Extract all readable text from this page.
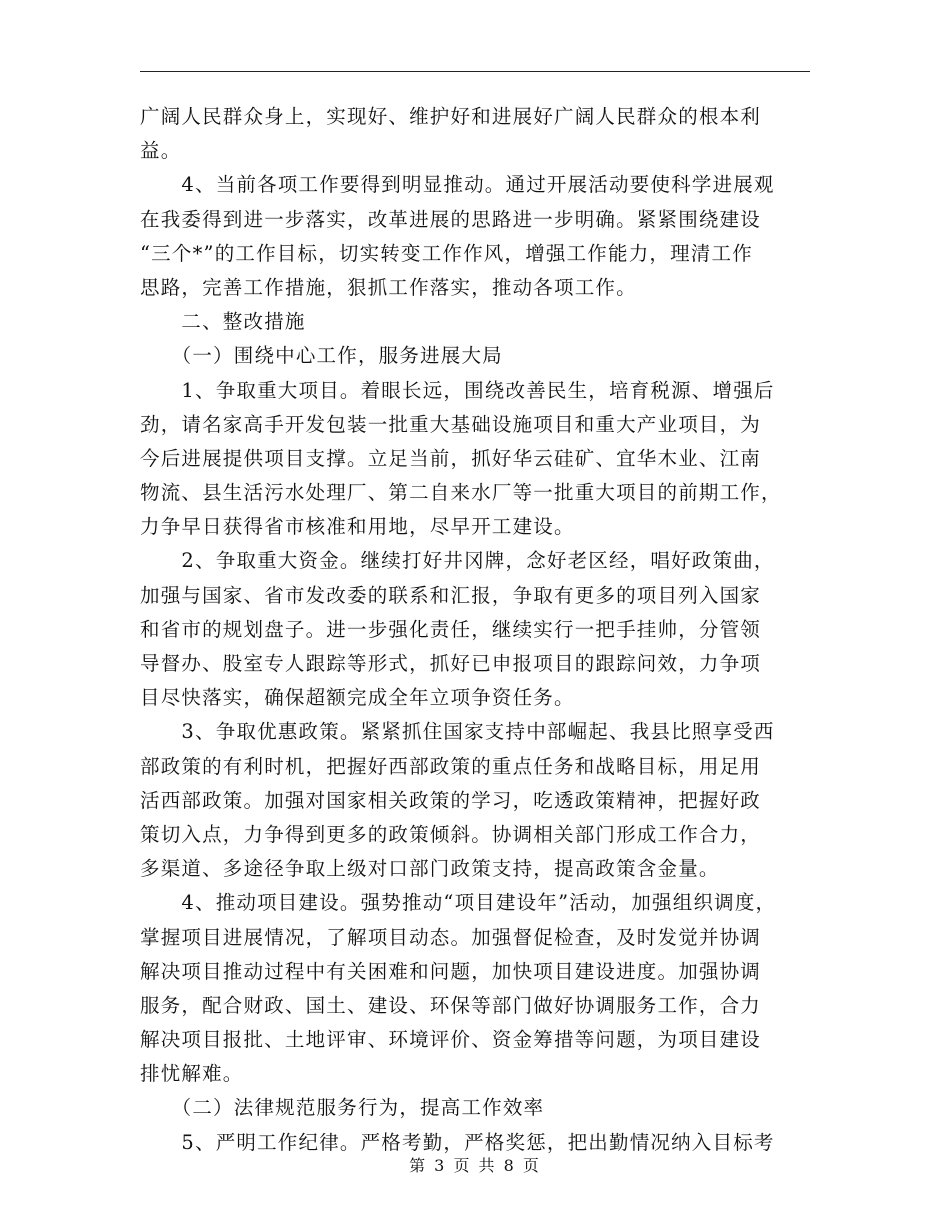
广阔人民群众身上，实现好、维护好和进展好广阔人民群众的根本利
益。
　　4、当前各项工作要得到明显推动。通过开展活动要使科学进展观
在我委得到进一步落实，改革进展的思路进一步明确。紧紧围绕建设
“三个*”的工作目标，切实转变工作作风，增强工作能力，理清工作
思路，完善工作措施，狠抓工作落实，推动各项工作。
　　二、整改措施
　　（一）围绕中心工作，服务进展大局
　　1、争取重大项目。着眼长远，围绕改善民生，培育税源、增强后
劲，请名家高手开发包装一批重大基础设施项目和重大产业项目，为
今后进展提供项目支撑。立足当前，抓好华云硅矿、宜华木业、江南
物流、县生活污水处理厂、第二自来水厂等一批重大项目的前期工作，
力争早日获得省市核准和用地，尽早开工建设。
　　2、争取重大资金。继续打好井冈牌，念好老区经，唱好政策曲，
加强与国家、省市发改委的联系和汇报，争取有更多的项目列入国家
和省市的规划盘子。进一步强化责任，继续实行一把手挂帅，分管领
导督办、股室专人跟踪等形式，抓好已申报项目的跟踪问效，力争项
目尽快落实，确保超额完成全年立项争资任务。
　　3、争取优惠政策。紧紧抓住国家支持中部崛起、我县比照享受西
部政策的有利时机，把握好西部政策的重点任务和战略目标，用足用
活西部政策。加强对国家相关政策的学习，吃透政策精神，把握好政
策切入点，力争得到更多的政策倾斜。协调相关部门形成工作合力，
多渠道、多途径争取上级对口部门政策支持，提高政策含金量。
　　4、推动项目建设。强势推动“项目建设年”活动，加强组织调度，
掌握项目进展情况，了解项目动态。加强督促检查，及时发觉并协调
解决项目推动过程中有关困难和问题，加快项目建设进度。加强协调
服务，配合财政、国土、建设、环保等部门做好协调服务工作，合力
解决项目报批、土地评审、环境评价、资金筹措等问题，为项目建设
排忧解难。
　　（二）法律规范服务行为，提高工作效率
　　5、严明工作纪律。严格考勤，严格奖惩，把出勤情况纳入目标考
第 3 页 共 8 页
